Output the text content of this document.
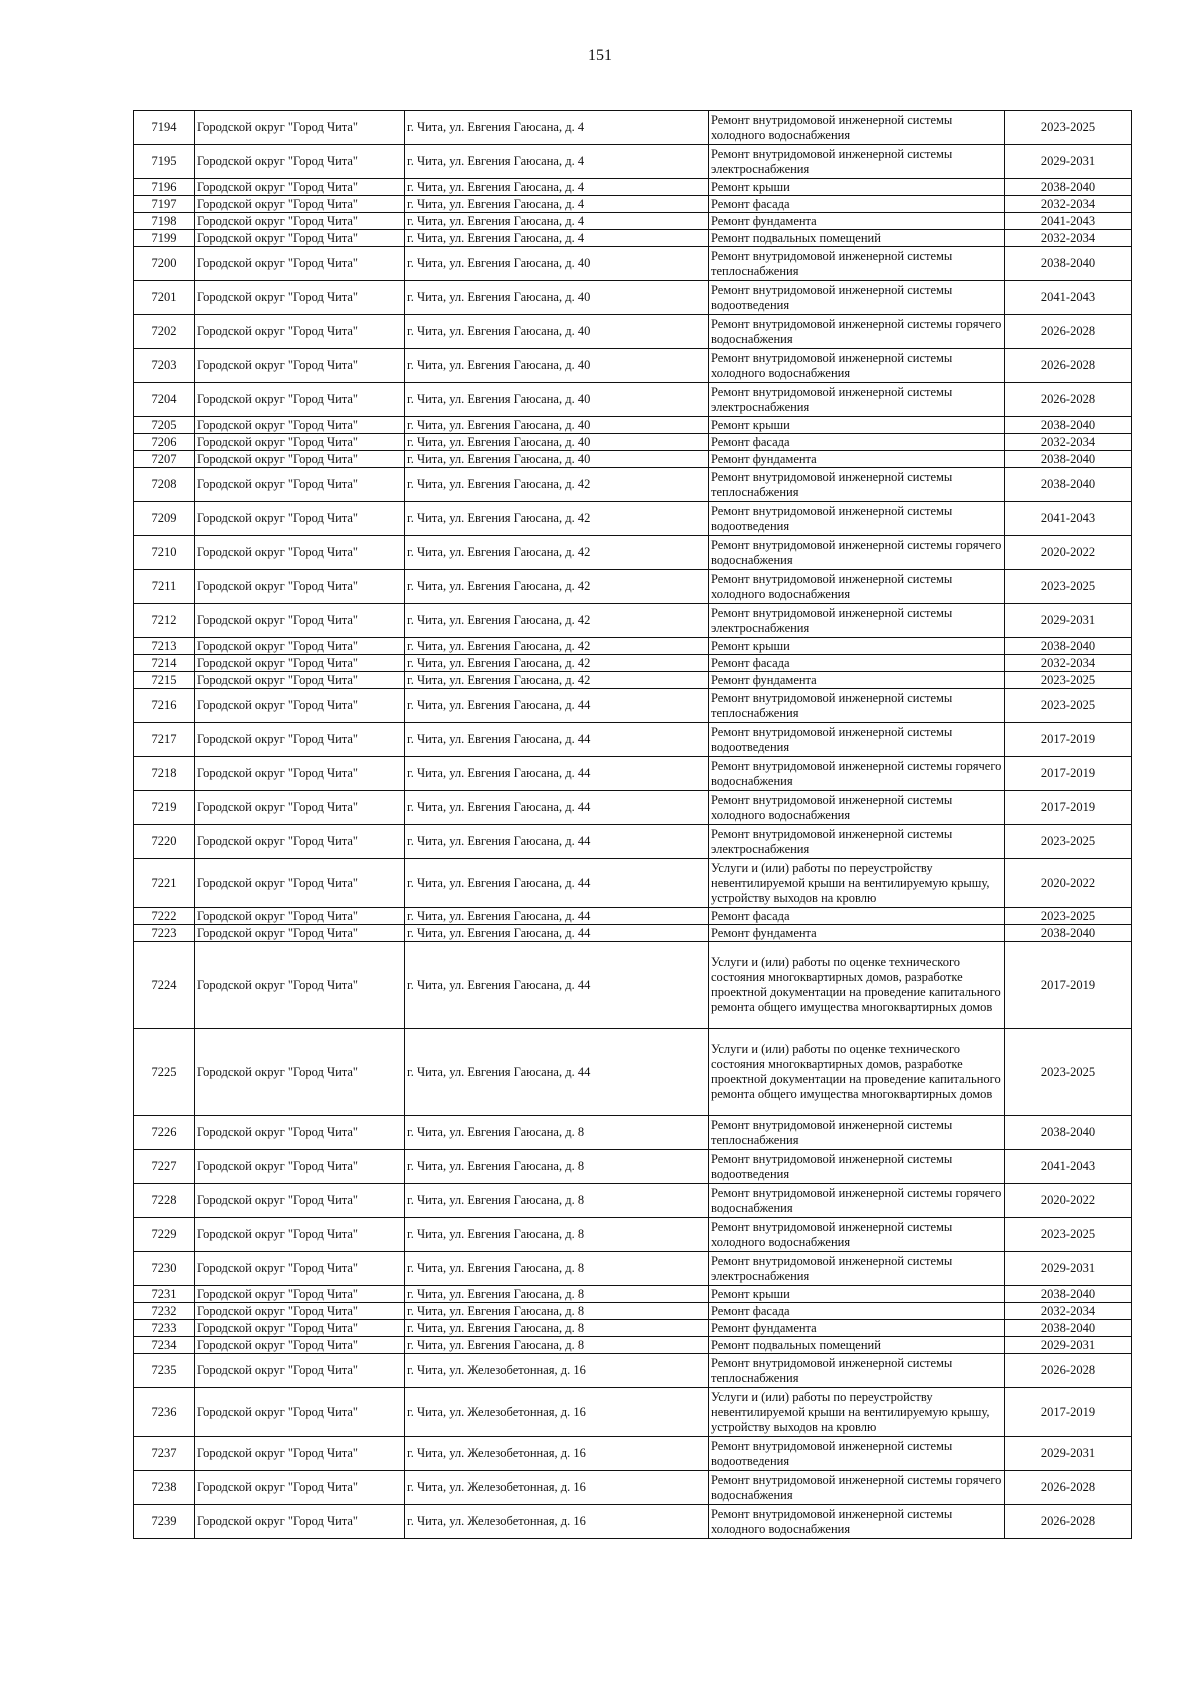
151
7194	Городской округ "Город Чита"	г. Чита, ул. Евгения Гаюсана, д. 4	Ремонт внутридомовой инженерной системы холодного водоснабжения	2023-2025
7195	Городской округ "Город Чита"	г. Чита, ул. Евгения Гаюсана, д. 4	Ремонт внутридомовой инженерной системы электроснабжения	2029-2031
7196	Городской округ "Город Чита"	г. Чита, ул. Евгения Гаюсана, д. 4	Ремонт крыши	2038-2040
7197	Городской округ "Город Чита"	г. Чита, ул. Евгения Гаюсана, д. 4	Ремонт фасада	2032-2034
7198	Городской округ "Город Чита"	г. Чита, ул. Евгения Гаюсана, д. 4	Ремонт фундамента	2041-2043
7199	Городской округ "Город Чита"	г. Чита, ул. Евгения Гаюсана, д. 4	Ремонт подвальных помещений	2032-2034
7200	Городской округ "Город Чита"	г. Чита, ул. Евгения Гаюсана, д. 40	Ремонт внутридомовой инженерной системы теплоснабжения	2038-2040
7201	Городской округ "Город Чита"	г. Чита, ул. Евгения Гаюсана, д. 40	Ремонт внутридомовой инженерной системы водоотведения	2041-2043
7202	Городской округ "Город Чита"	г. Чита, ул. Евгения Гаюсана, д. 40	Ремонт внутридомовой инженерной системы горячего водоснабжения	2026-2028
7203	Городской округ "Город Чита"	г. Чита, ул. Евгения Гаюсана, д. 40	Ремонт внутридомовой инженерной системы холодного водоснабжения	2026-2028
7204	Городской округ "Город Чита"	г. Чита, ул. Евгения Гаюсана, д. 40	Ремонт внутридомовой инженерной системы электроснабжения	2026-2028
7205	Городской округ "Город Чита"	г. Чита, ул. Евгения Гаюсана, д. 40	Ремонт крыши	2038-2040
7206	Городской округ "Город Чита"	г. Чита, ул. Евгения Гаюсана, д. 40	Ремонт фасада	2032-2034
7207	Городской округ "Город Чита"	г. Чита, ул. Евгения Гаюсана, д. 40	Ремонт фундамента	2038-2040
7208	Городской округ "Город Чита"	г. Чита, ул. Евгения Гаюсана, д. 42	Ремонт внутридомовой инженерной системы теплоснабжения	2038-2040
7209	Городской округ "Город Чита"	г. Чита, ул. Евгения Гаюсана, д. 42	Ремонт внутридомовой инженерной системы водоотведения	2041-2043
7210	Городской округ "Город Чита"	г. Чита, ул. Евгения Гаюсана, д. 42	Ремонт внутридомовой инженерной системы горячего водоснабжения	2020-2022
7211	Городской округ "Город Чита"	г. Чита, ул. Евгения Гаюсана, д. 42	Ремонт внутридомовой инженерной системы холодного водоснабжения	2023-2025
7212	Городской округ "Город Чита"	г. Чита, ул. Евгения Гаюсана, д. 42	Ремонт внутридомовой инженерной системы электроснабжения	2029-2031
7213	Городской округ "Город Чита"	г. Чита, ул. Евгения Гаюсана, д. 42	Ремонт крыши	2038-2040
7214	Городской округ "Город Чита"	г. Чита, ул. Евгения Гаюсана, д. 42	Ремонт фасада	2032-2034
7215	Городской округ "Город Чита"	г. Чита, ул. Евгения Гаюсана, д. 42	Ремонт фундамента	2023-2025
7216	Городской округ "Город Чита"	г. Чита, ул. Евгения Гаюсана, д. 44	Ремонт внутридомовой инженерной системы теплоснабжения	2023-2025
7217	Городской округ "Город Чита"	г. Чита, ул. Евгения Гаюсана, д. 44	Ремонт внутридомовой инженерной системы водоотведения	2017-2019
7218	Городской округ "Город Чита"	г. Чита, ул. Евгения Гаюсана, д. 44	Ремонт внутридомовой инженерной системы горячего водоснабжения	2017-2019
7219	Городской округ "Город Чита"	г. Чита, ул. Евгения Гаюсана, д. 44	Ремонт внутридомовой инженерной системы холодного водоснабжения	2017-2019
7220	Городской округ "Город Чита"	г. Чита, ул. Евгения Гаюсана, д. 44	Ремонт внутридомовой инженерной системы электроснабжения	2023-2025
7221	Городской округ "Город Чита"	г. Чита, ул. Евгения Гаюсана, д. 44	Услуги и (или) работы по переустройству невентилируемой крыши на вентилируемую крышу, устройству выходов на кровлю	2020-2022
7222	Городской округ "Город Чита"	г. Чита, ул. Евгения Гаюсана, д. 44	Ремонт фасада	2023-2025
7223	Городской округ "Город Чита"	г. Чита, ул. Евгения Гаюсана, д. 44	Ремонт фундамента	2038-2040
7224	Городской округ "Город Чита"	г. Чита, ул. Евгения Гаюсана, д. 44	Услуги и (или) работы по оценке технического состояния многоквартирных домов, разработке проектной документации на проведение капитального ремонта общего имущества многоквартирных домов	2017-2019
7225	Городской округ "Город Чита"	г. Чита, ул. Евгения Гаюсана, д. 44	Услуги и (или) работы по оценке технического состояния многоквартирных домов, разработке проектной документации на проведение капитального ремонта общего имущества многоквартирных домов	2023-2025
7226	Городской округ "Город Чита"	г. Чита, ул. Евгения Гаюсана, д. 8	Ремонт внутридомовой инженерной системы теплоснабжения	2038-2040
7227	Городской округ "Город Чита"	г. Чита, ул. Евгения Гаюсана, д. 8	Ремонт внутридомовой инженерной системы водоотведения	2041-2043
7228	Городской округ "Город Чита"	г. Чита, ул. Евгения Гаюсана, д. 8	Ремонт внутридомовой инженерной системы горячего водоснабжения	2020-2022
7229	Городской округ "Город Чита"	г. Чита, ул. Евгения Гаюсана, д. 8	Ремонт внутридомовой инженерной системы холодного водоснабжения	2023-2025
7230	Городской округ "Город Чита"	г. Чита, ул. Евгения Гаюсана, д. 8	Ремонт внутридомовой инженерной системы электроснабжения	2029-2031
7231	Городской округ "Город Чита"	г. Чита, ул. Евгения Гаюсана, д. 8	Ремонт крыши	2038-2040
7232	Городской округ "Город Чита"	г. Чита, ул. Евгения Гаюсана, д. 8	Ремонт фасада	2032-2034
7233	Городской округ "Город Чита"	г. Чита, ул. Евгения Гаюсана, д. 8	Ремонт фундамента	2038-2040
7234	Городской округ "Город Чита"	г. Чита, ул. Евгения Гаюсана, д. 8	Ремонт подвальных помещений	2029-2031
7235	Городской округ "Город Чита"	г. Чита, ул. Железобетонная, д. 16	Ремонт внутридомовой инженерной системы теплоснабжения	2026-2028
7236	Городской округ "Город Чита"	г. Чита, ул. Железобетонная, д. 16	Услуги и (или) работы по переустройству невентилируемой крыши на вентилируемую крышу, устройству выходов на кровлю	2017-2019
7237	Городской округ "Город Чита"	г. Чита, ул. Железобетонная, д. 16	Ремонт внутридомовой инженерной системы водоотведения	2029-2031
7238	Городской округ "Город Чита"	г. Чита, ул. Железобетонная, д. 16	Ремонт внутридомовой инженерной системы горячего водоснабжения	2026-2028
7239	Городской округ "Город Чита"	г. Чита, ул. Железобетонная, д. 16	Ремонт внутридомовой инженерной системы холодного водоснабжения	2026-2028
